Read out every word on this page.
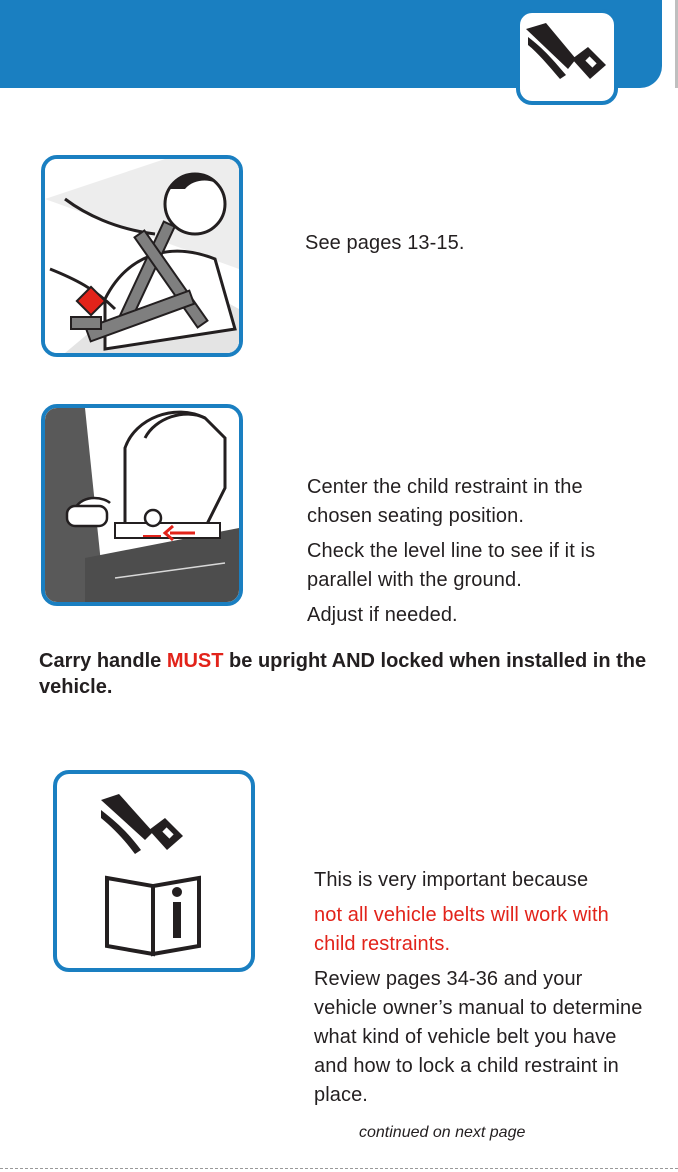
See pages 13-15.

Center the child restraint in the chosen seating position.

Check the level line to see if it is parallel with the ground.

Adjust if needed.

Carry handle MUST be upright AND locked when installed in the vehicle.

This is very important because

not all vehicle belts will work with child restraints.

Review pages 34-36 and your vehicle owner’s manual to determine what kind of vehicle belt you have and how to lock a child restraint in place.

continued on next page
